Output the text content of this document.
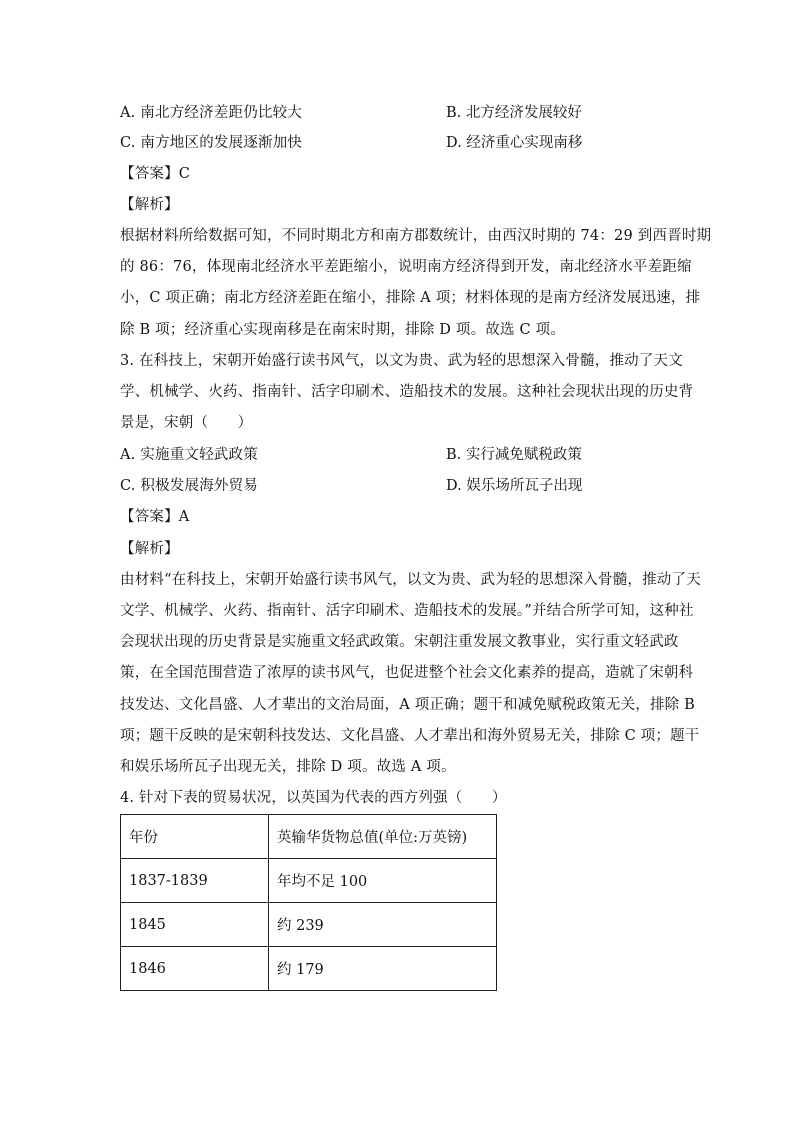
A. 南北方经济差距仍比较大	B. 北方经济发展较好
C. 南方地区的发展逐渐加快	D. 经济重心实现南移
【答案】C
【解析】
根据材料所给数据可知，不同时期北方和南方郡数统计，由西汉时期的 74：29 到西晋时期
的 86：76，体现南北经济水平差距缩小，说明南方经济得到开发，南北经济水平差距缩
小，C 项正确；南北方经济差距在缩小，排除 A 项；材料体现的是南方经济发展迅速，排
除 B 项；经济重心实现南移是在南宋时期，排除 D 项。故选 C 项。
3. 在科技上，宋朝开始盛行读书风气，以文为贵、武为轻的思想深入骨髓，推动了天文
学、机械学、火药、指南针、活字印刷术、造船技术的发展。这种社会现状出现的历史背
景是，宋朝（　　）
A. 实施重文轻武政策	B. 实行减免赋税政策
C. 积极发展海外贸易	D. 娱乐场所瓦子出现
【答案】A
【解析】
由材料“在科技上，宋朝开始盛行读书风气，以文为贵、武为轻的思想深入骨髓，推动了天
文学、机械学、火药、指南针、活字印刷术、造船技术的发展。”并结合所学可知，这种社
会现状出现的历史背景是实施重文轻武政策。宋朝注重发展文教事业，实行重文轻武政
策，在全国范围营造了浓厚的读书风气，也促进整个社会文化素养的提高，造就了宋朝科
技发达、文化昌盛、人才辈出的文治局面，A 项正确；题干和减免赋税政策无关，排除 B
项；题干反映的是宋朝科技发达、文化昌盛、人才辈出和海外贸易无关，排除 C 项；题干
和娱乐场所瓦子出现无关，排除 D 项。故选 A 项。
4. 针对下表的贸易状况，以英国为代表的西方列强（　　）
年份	英输华货物总值(单位:万英镑)
1837-1839	年均不足 100
1845	约 239
1846	约 179
